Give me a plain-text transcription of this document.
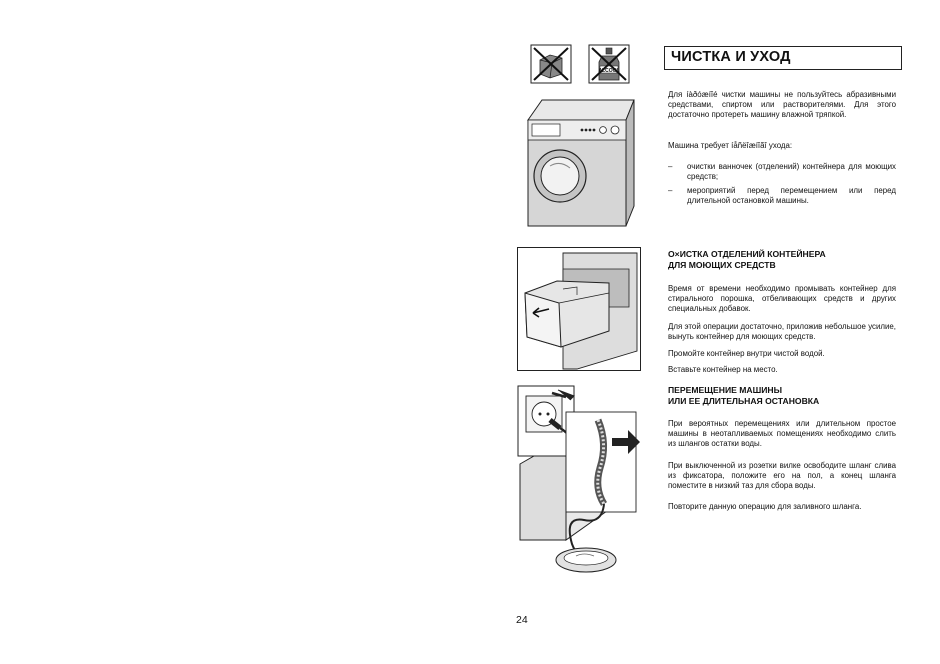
ALCOOL
ЧИСТКА И УХОД

Для íàðóæíîé чистки машины не пользуйтесь абразивными средствами, спиртом или растворителями. Для этого достаточно протереть машину влажной тряпкой.

Машина требует íåñëîæíîãî ухода:

– очистки ванночек (отделений) контейнера для моющих средств;
– мероприятий перед перемещением или перед длительной остановкой машины.
О×ИСТКА ОТДЕЛЕНИЙ КОНТЕЙНЕРА
ДЛЯ МОЮЩИХ СРЕДСТВ

Время от времени необходимо промывать контейнер для стирального порошка, отбеливающих средств и других специальных добавок.

Для этой операции достаточно, приложив небольшое усилие, вынуть контейнер для моющих средств.

Промойте контейнер внутри чистой водой.

Вставьте контейнер на место.

ПЕРЕМЕЩЕНИЕ МАШИНЫ
ИЛИ ЕЕ ДЛИТЕЛЬНАЯ ОСТАНОВКА

При вероятных перемещениях или длительном простое машины в неотапливаемых помещениях необходимо слить из шлангов остатки воды.

При выключенной из розетки вилке освободите шланг слива из фиксатора, положите его на пол, а конец шланга поместите в низкий таз для сбора воды.

Повторите данную операцию для заливного шланга.

24
